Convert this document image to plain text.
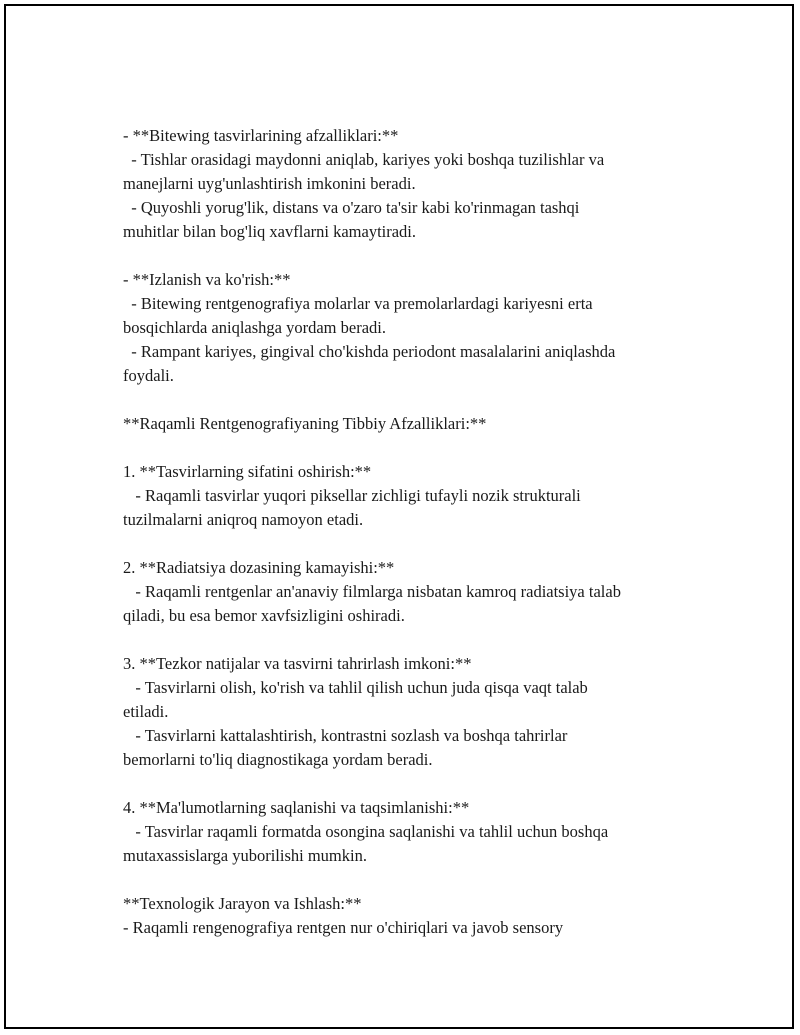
- **Bitewing tasvirlarining afzalliklari:**
- Tishlar orasidagi maydonni aniqlab, kariyes yoki boshqa tuzilishlar va
manejlarni uyg'unlashtirish imkonini beradi.
- Quyoshli yorug'lik, distans va o'zaro ta'sir kabi ko'rinmagan tashqi
muhitlar bilan bog'liq xavflarni kamaytiradi.
- **Izlanish va ko'rish:**
- Bitewing rentgenografiya molarlar va premolarlardagi kariyesni erta
bosqichlarda aniqlashga yordam beradi.
- Rampant kariyes, gingival cho'kishda periodont masalalarini aniqlashda
foydali.
**Raqamli Rentgenografiyaning Tibbiy Afzalliklari:**
1. **Tasvirlarning sifatini oshirish:**
- Raqamli tasvirlar yuqori piksellar zichligi tufayli nozik strukturali
tuzilmalarni aniqroq namoyon etadi.
2. **Radiatsiya dozasining kamayishi:**
- Raqamli rentgenlar an'anaviy filmlarga nisbatan kamroq radiatsiya talab
qiladi, bu esa bemor xavfsizligini oshiradi.
3. **Tezkor natijalar va tasvirni tahrirlash imkoni:**
- Tasvirlarni olish, ko'rish va tahlil qilish uchun juda qisqa vaqt talab
etiladi.
- Tasvirlarni kattalashtirish, kontrastni sozlash va boshqa tahrirlar
bemorlarni to'liq diagnostikaga yordam beradi.
4. **Ma'lumotlarning saqlanishi va taqsimlanishi:**
- Tasvirlar raqamli formatda osongina saqlanishi va tahlil uchun boshqa
mutaxassislarga yuborilishi mumkin.
**Texnologik Jarayon va Ishlash:**
- Raqamli rengenografiya rentgen nur o'chiriqlari va javob sensory
